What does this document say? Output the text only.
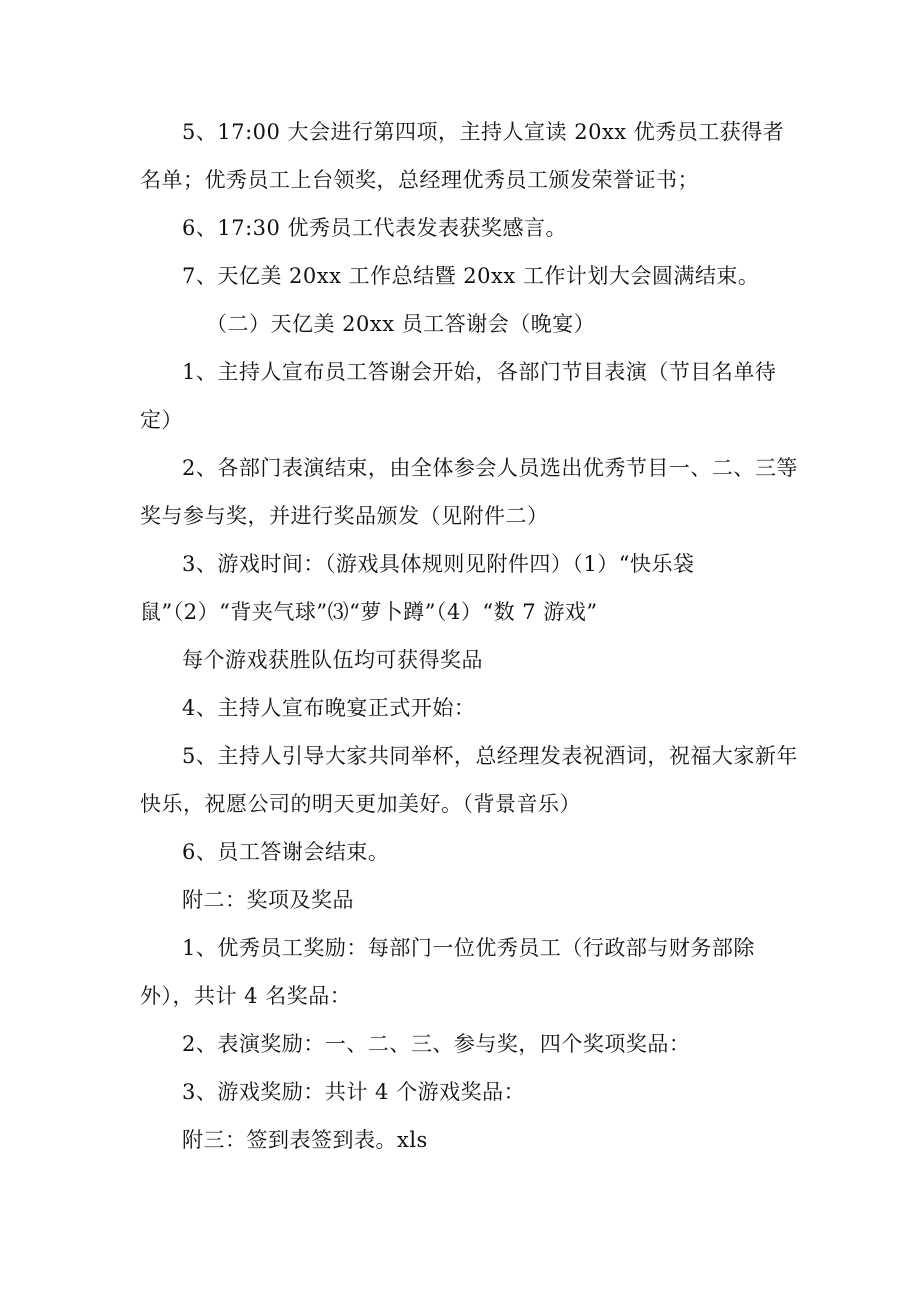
5、17:00 大会进行第四项，主持人宣读 20xx 优秀员工获得者名单；优秀员工上台领奖，总经理优秀员工颁发荣誉证书；

6、17:30 优秀员工代表发表获奖感言。

7、天亿美 20xx 工作总结暨 20xx 工作计划大会圆满结束。

（二）天亿美 20xx 员工答谢会（晚宴）

1、主持人宣布员工答谢会开始，各部门节目表演（节目名单待定）

2、各部门表演结束，由全体参会人员选出优秀节目一、二、三等奖与参与奖，并进行奖品颁发（见附件二）

3、游戏时间：（游戏具体规则见附件四）（1）“快乐袋鼠”（2）“背夹气球”⑶“萝卜蹲”（4）“数 7 游戏”

每个游戏获胜队伍均可获得奖品

4、主持人宣布晚宴正式开始：

5、主持人引导大家共同举杯，总经理发表祝酒词，祝福大家新年快乐，祝愿公司的明天更加美好。（背景音乐）

6、员工答谢会结束。

附二：奖项及奖品

1、优秀员工奖励：每部门一位优秀员工（行政部与财务部除外），共计 4 名奖品：

2、表演奖励：一、二、三、参与奖，四个奖项奖品：

3、游戏奖励：共计 4 个游戏奖品：

附三：签到表签到表。xls
